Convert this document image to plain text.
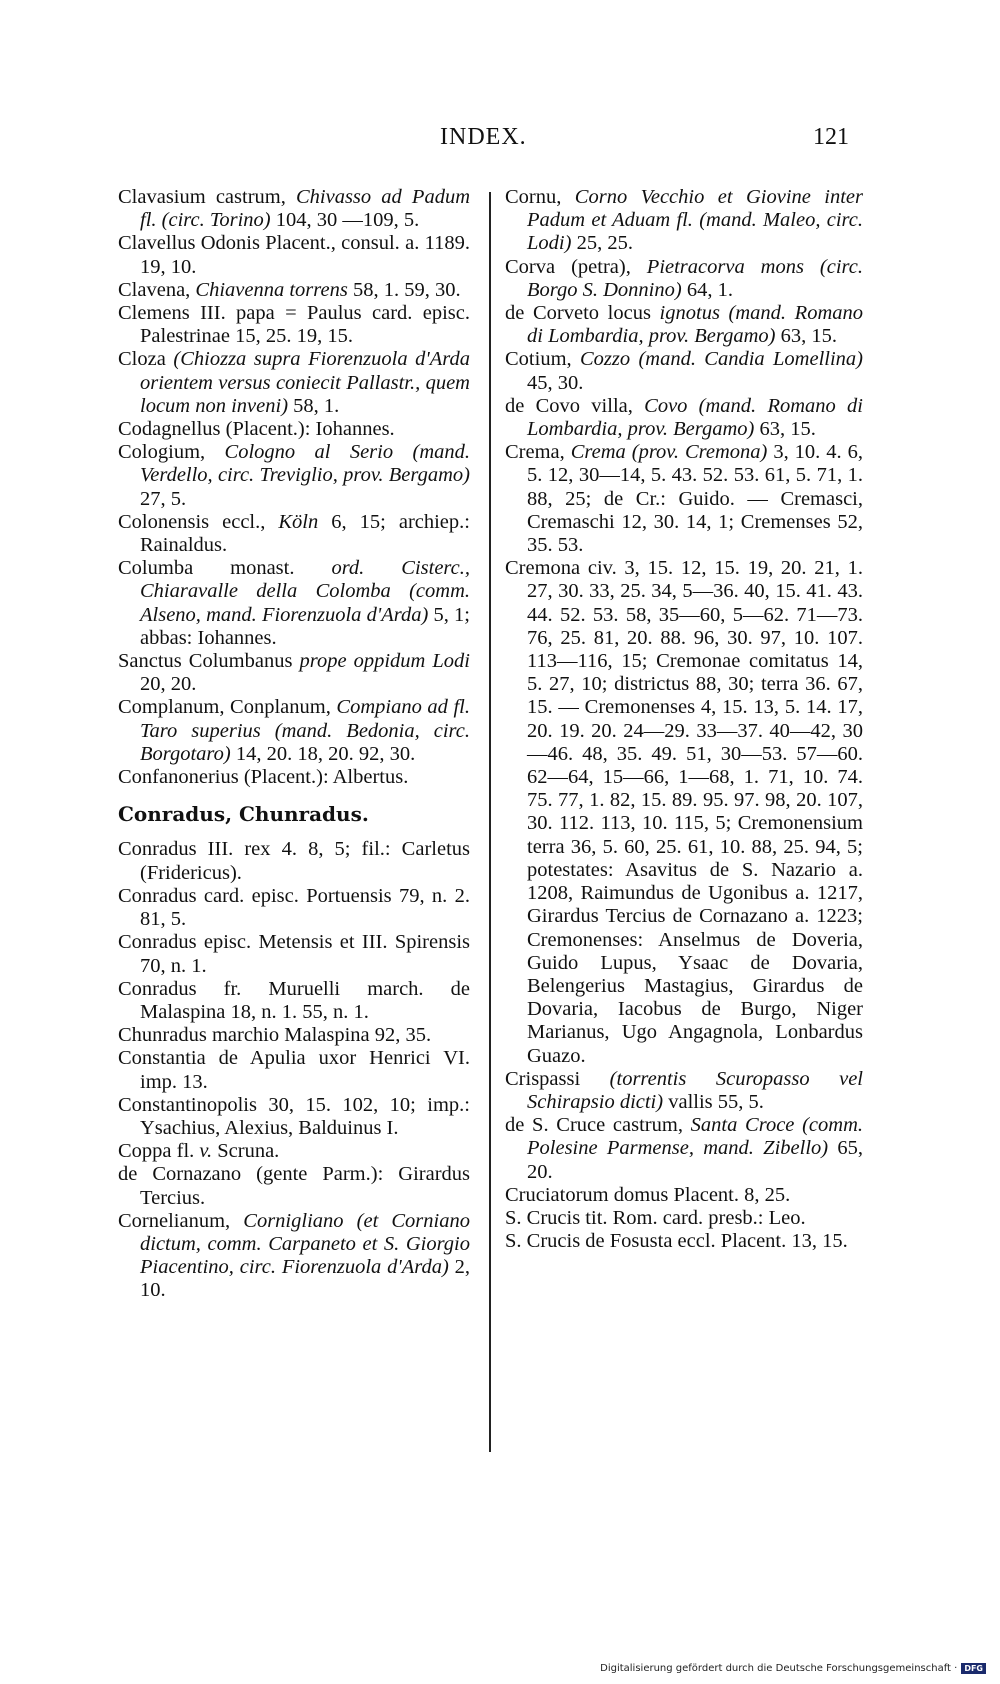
INDEX.	121

Clavasium castrum, Chivasso ad Padum fl. (circ. Torino) 104, 30 —109, 5.

Clavellus Odonis Placent., consul. a. 1189. 19, 10.

Clavena, Chiavenna torrens 58, 1. 59, 30.

Clemens III. papa = Paulus card. episc. Palestrinae 15, 25. 19, 15.

Cloza (Chiozza supra Fiorenzuola d'Arda orientem versus coniecit Pallastr., quem locum non inveni) 58, 1.

Codagnellus (Placent.): Iohannes.

Cologium, Cologno al Serio (mand. Verdello, circ. Treviglio, prov. Bergamo) 27, 5.

Colonensis eccl., Köln 6, 15; archiep.: Rainaldus.

Columba monast. ord. Cisterc., Chiaravalle della Colomba (comm. Alseno, mand. Fiorenzuola d'Arda) 5, 1; abbas: Iohannes.

Sanctus Columbanus prope oppidum Lodi 20, 20.

Complanum, Conplanum, Compiano ad fl. Taro superius (mand. Bedonia, circ. Borgotaro) 14, 20. 18, 20. 92, 30.

Confanonerius (Placent.): Albertus.

Conradus, Chunradus.

Conradus III. rex 4. 8, 5; fil.: Carletus (Fridericus).

Conradus card. episc. Portuensis 79, n. 2. 81, 5.

Conradus episc. Metensis et III. Spirensis 70, n. 1.

Conradus fr. Muruelli march. de Malaspina 18, n. 1. 55, n. 1.

Chunradus marchio Malaspina 92, 35.

Constantia de Apulia uxor Henrici VI. imp. 13.

Constantinopolis 30, 15. 102, 10; imp.: Ysachius, Alexius, Balduinus I.

Coppa fl. v. Scruna.

de Cornazano (gente Parm.): Girardus Tercius.

Cornelianum, Cornigliano (et Corniano dictum, comm. Carpaneto et S. Giorgio Piacentino, circ. Fiorenzuola d'Arda) 2, 10.

Cornu, Corno Vecchio et Giovine inter Padum et Aduam fl. (mand. Maleo, circ. Lodi) 25, 25.

Corva (petra), Pietracorva mons (circ. Borgo S. Donnino) 64, 1.

de Corveto locus ignotus (mand. Romano di Lombardia, prov. Bergamo) 63, 15.

Cotium, Cozzo (mand. Candia Lomellina) 45, 30.

de Covo villa, Covo (mand. Romano di Lombardia, prov. Bergamo) 63, 15.

Crema, Crema (prov. Cremona) 3, 10. 4. 6, 5. 12, 30—14, 5. 43. 52. 53. 61, 5. 71, 1. 88, 25; de Cr.: Guido. — Cremasci, Cremaschi 12, 30. 14, 1; Cremenses 52, 35. 53.

Cremona civ. 3, 15. 12, 15. 19, 20. 21, 1. 27, 30. 33, 25. 34, 5—36. 40, 15. 41. 43. 44. 52. 53. 58, 35—60, 5—62. 71—73. 76, 25. 81, 20. 88. 96, 30. 97, 10. 107. 113—116, 15; Cremonae comitatus 14, 5. 27, 10; districtus 88, 30; terra 36. 67, 15. — Cremonenses 4, 15. 13, 5. 14. 17, 20. 19. 20. 24—29. 33—37. 40—42, 30—46. 48, 35. 49. 51, 30—53. 57—60. 62—64, 15—66, 1—68, 1. 71, 10. 74. 75. 77, 1. 82, 15. 89. 95. 97. 98, 20. 107, 30. 112. 113, 10. 115, 5; Cremonensium terra 36, 5. 60, 25. 61, 10. 88, 25. 94, 5; potestates: Asavitus de S. Nazario a. 1208, Raimundus de Ugonibus a. 1217, Girardus Tercius de Cornazano a. 1223; Cremonenses: Anselmus de Doveria, Guido Lupus, Ysaac de Dovaria, Belengerius Mastagius, Girardus de Dovaria, Iacobus de Burgo, Niger Marianus, Ugo Angagnola, Lonbardus Guazo.

Crispassi (torrentis Scuropasso vel Schirapsio dicti) vallis 55, 5.

de S. Cruce castrum, Santa Croce (comm. Polesine Parmense, mand. Zibello) 65, 20.

Cruciatorum domus Placent. 8, 25.

S. Crucis tit. Rom. card. presb.: Leo.

S. Crucis de Fosusta eccl. Placent. 13, 15.

Digitalisierung gefördert durch die Deutsche Forschungsgemeinschaft · DFG
